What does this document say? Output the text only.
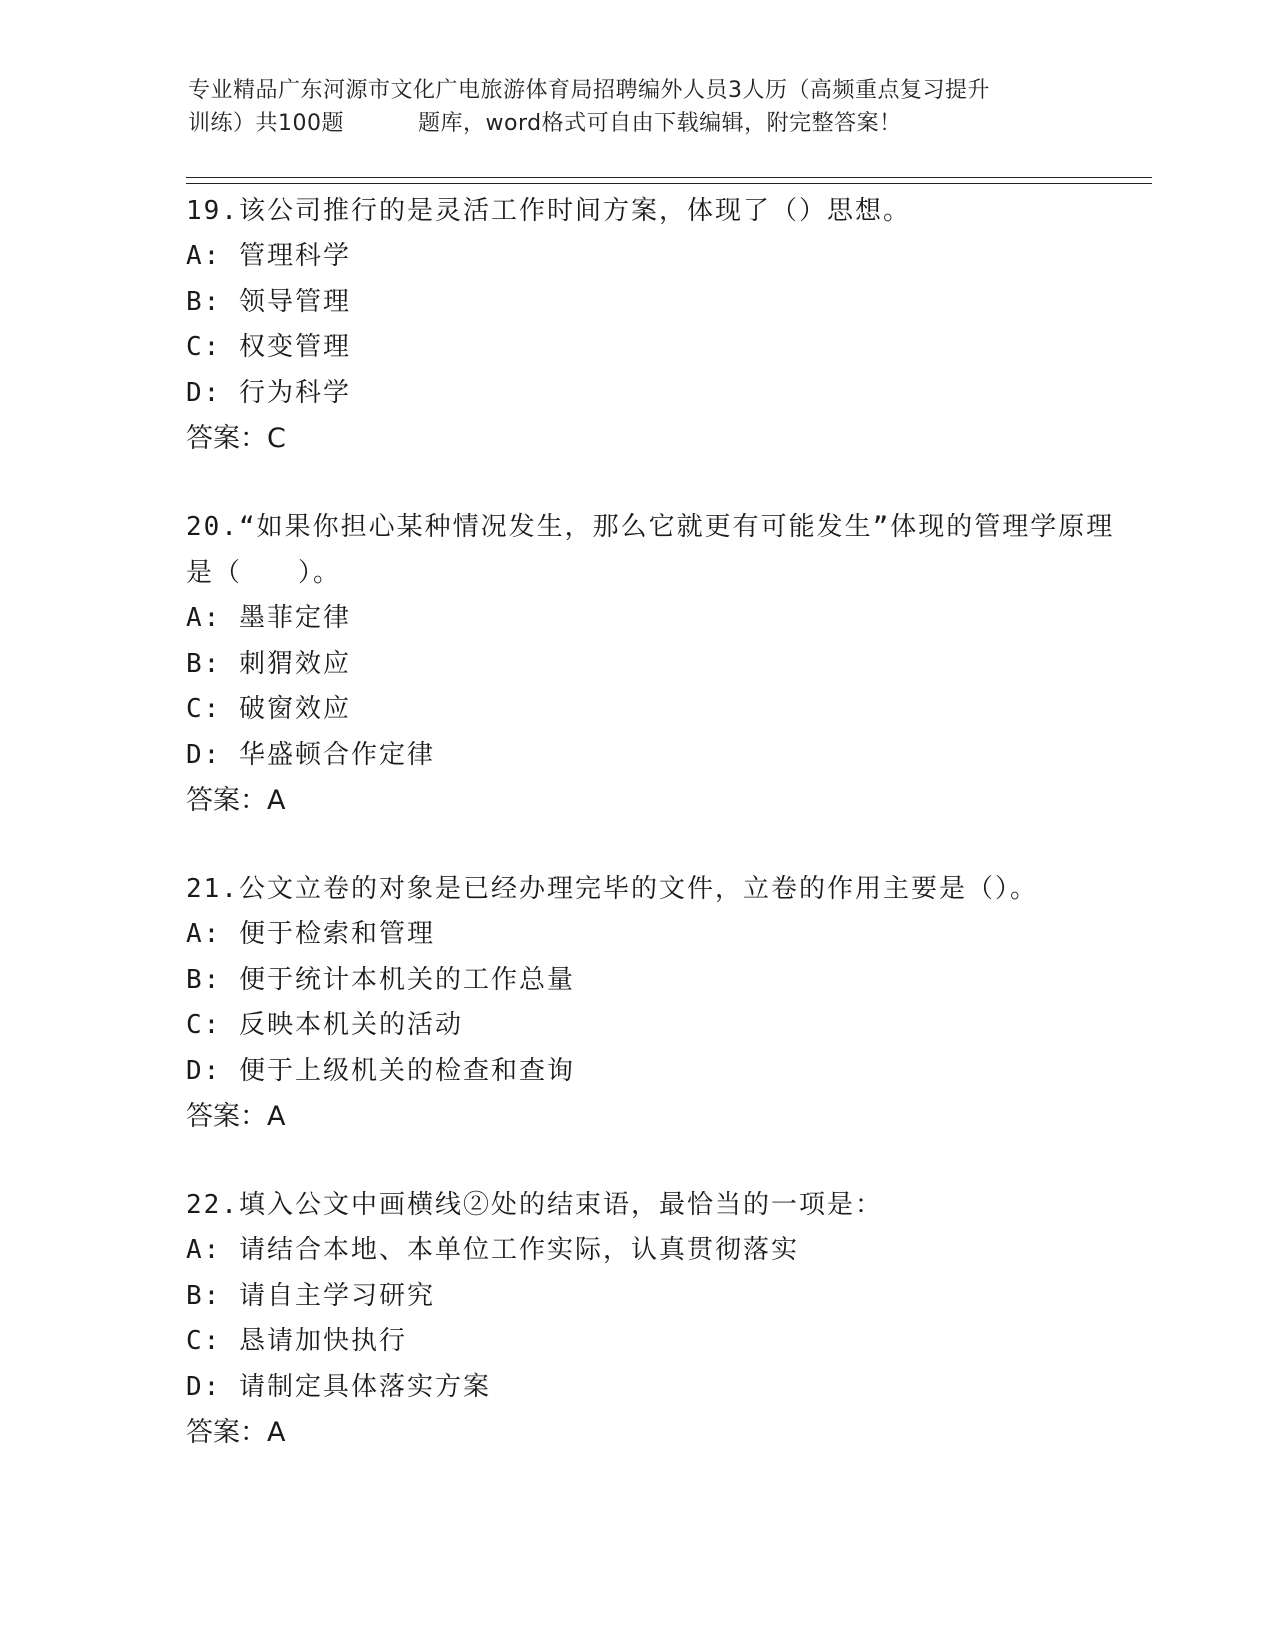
专业精品广东河源市文化广电旅游体育局招聘编外人员3人历（高频重点复习提升
训练）共100题	题库，word格式可自由下载编辑，附完整答案！
19.该公司推行的是灵活工作时间方案，体现了（）思想。
A: 管理科学
B: 领导管理
C: 权变管理
D: 行为科学
答案：C
20.“如果你担心某种情况发生，那么它就更有可能发生”体现的管理学原理是（　　）。
A: 墨菲定律
B: 刺猬效应
C: 破窗效应
D: 华盛顿合作定律
答案：A
21.公文立卷的对象是已经办理完毕的文件，立卷的作用主要是（）。
A: 便于检索和管理
B: 便于统计本机关的工作总量
C: 反映本机关的活动
D: 便于上级机关的检查和查询
答案：A
22.填入公文中画横线②处的结束语，最恰当的一项是：
A: 请结合本地、本单位工作实际，认真贯彻落实
B: 请自主学习研究
C: 恳请加快执行
D: 请制定具体落实方案
答案：A
